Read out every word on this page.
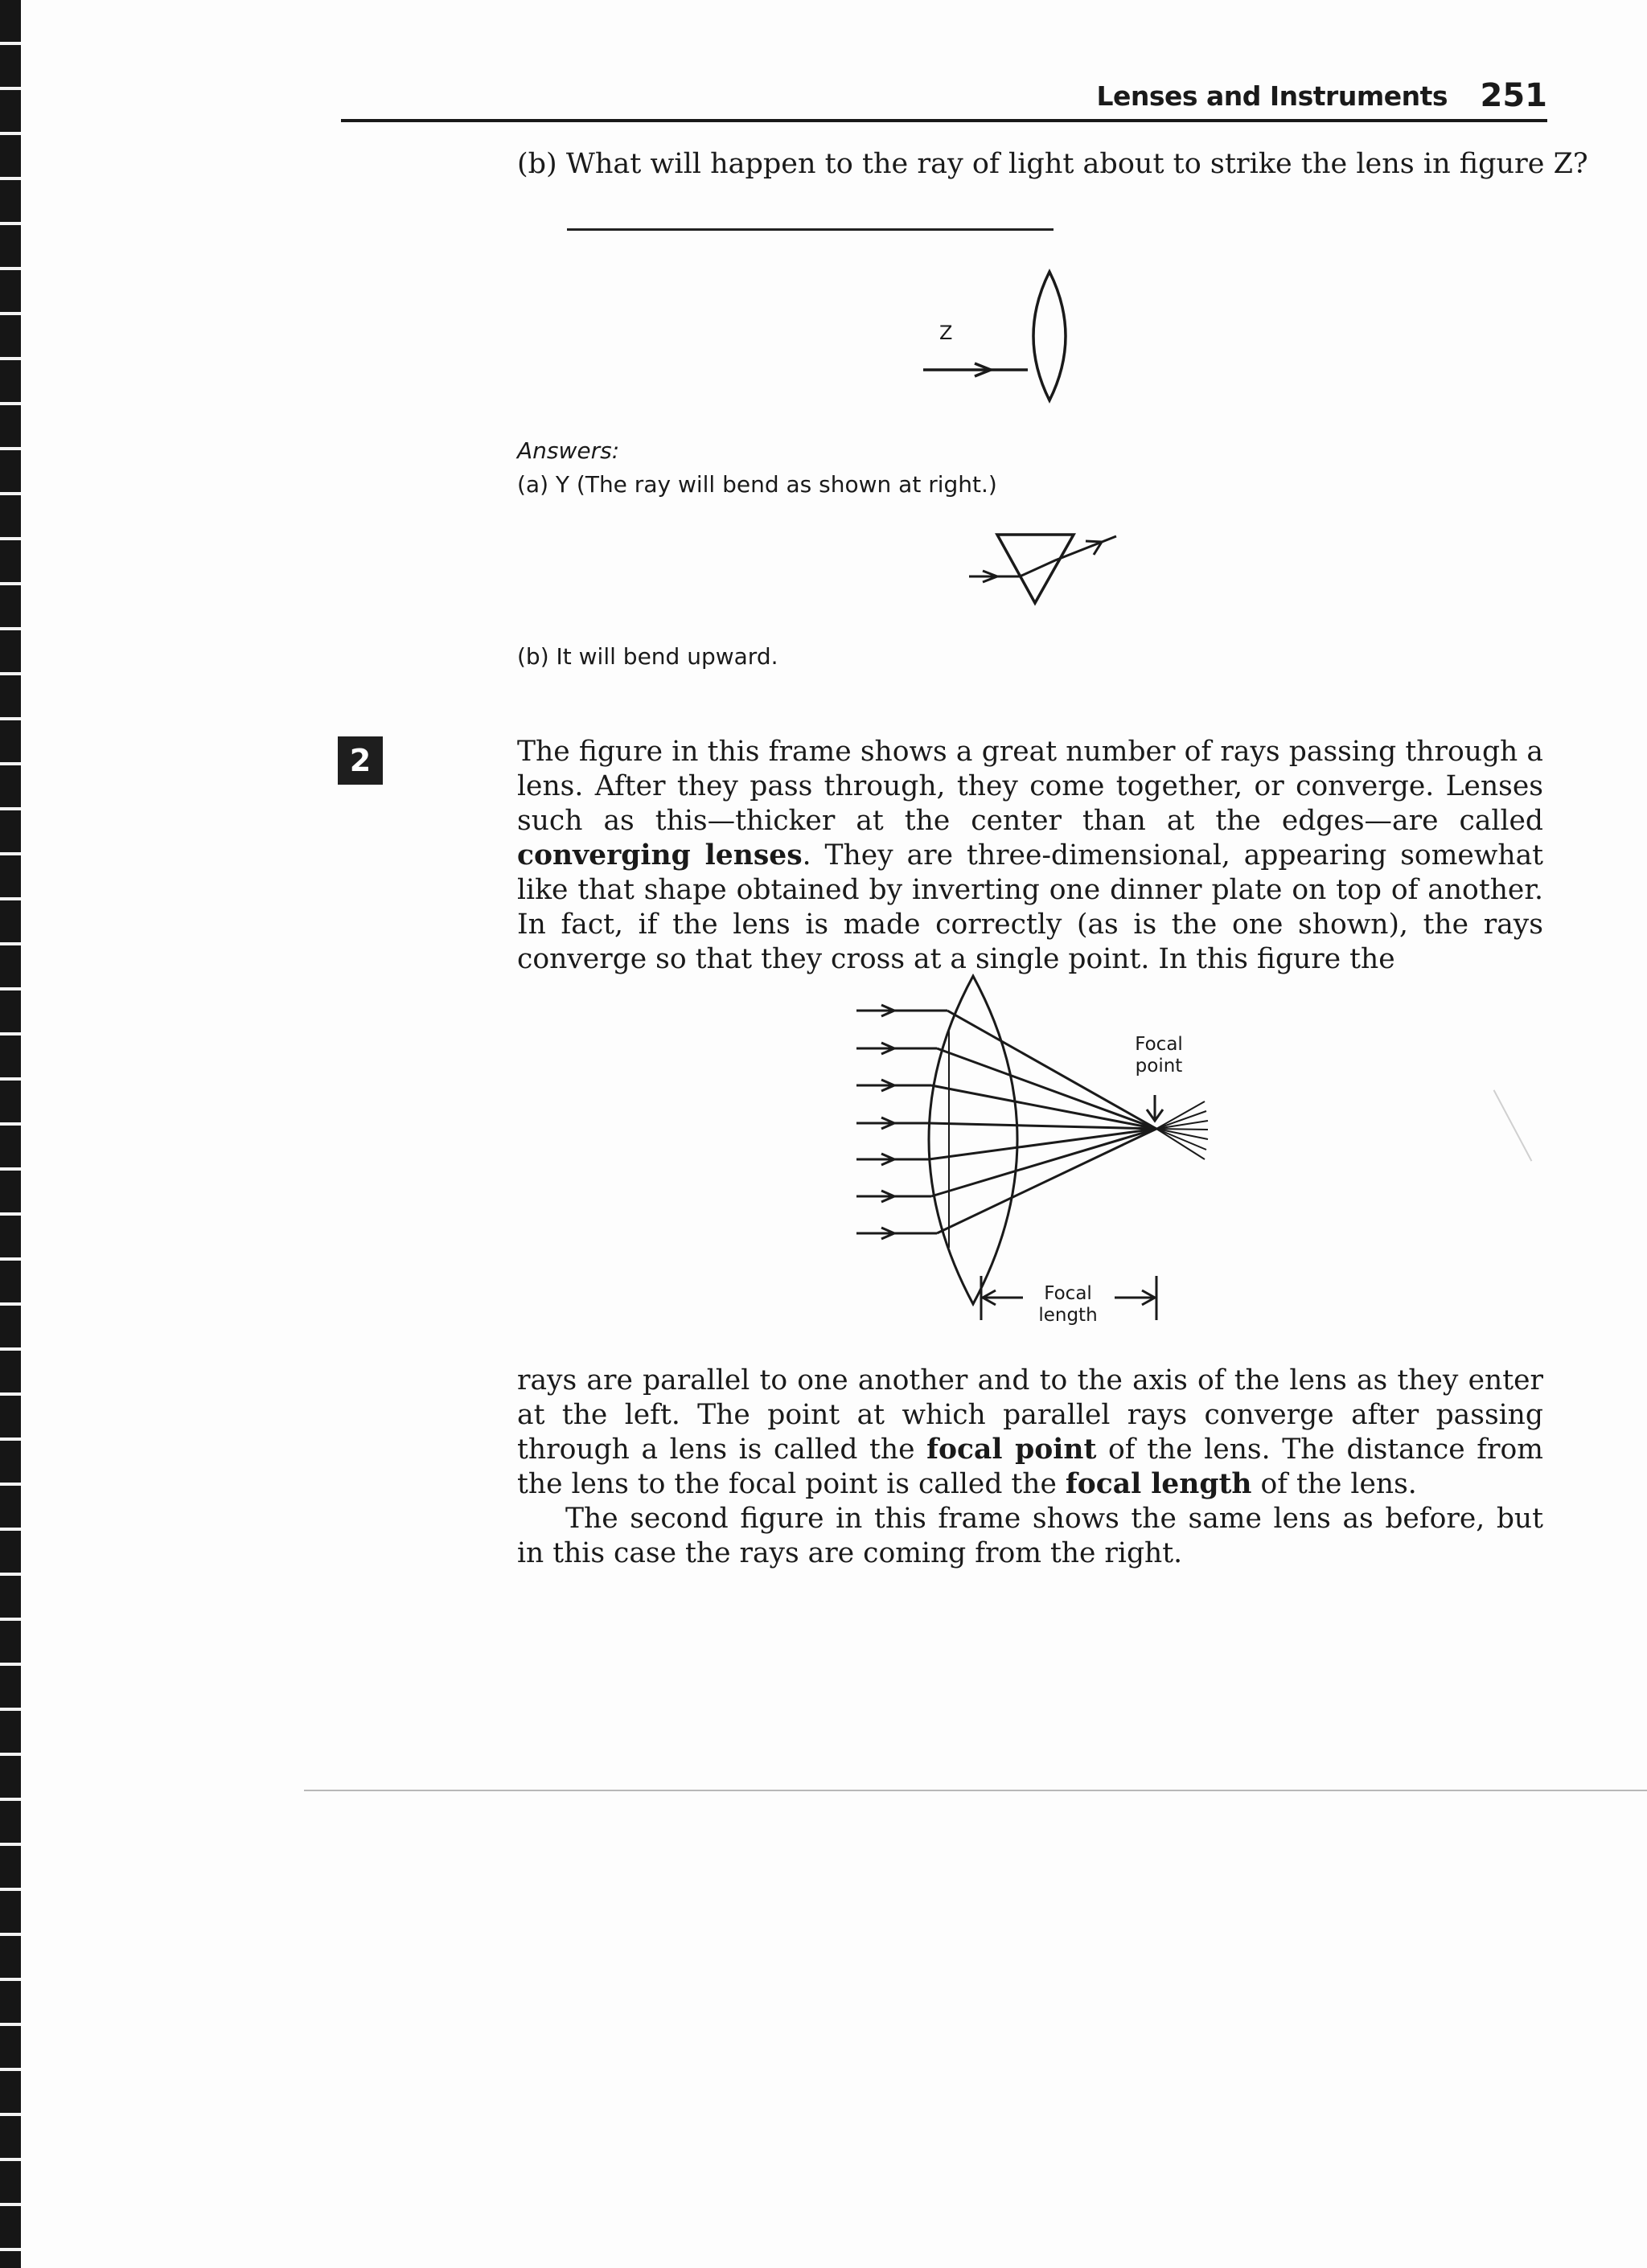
Lenses and Instruments 251
(b) What will happen to the ray of light about to strike the lens in figure Z?
Z
Answers:
(a) Y (The ray will bend as shown at right.)
(b) It will bend upward.
2	The figure in this frame shows a great number of rays passing through a lens. After they pass through, they come together, or converge. Lenses such as this—thicker at the center than at the edges—are called converging lenses. They are three-dimensional, appearing somewhat like that shape obtained by inverting one dinner plate on top of another. In fact, if the lens is made correctly (as is the one shown), the rays converge so that they cross at a single point. In this figure the

Focal
point
Focal
length

rays are parallel to one another and to the axis of the lens as they enter at the left. The point at which parallel rays converge after passing through a lens is called the focal point of the lens. The distance from the lens to the focal point is called the focal length of the lens.

The second figure in this frame shows the same lens as before, but in this case the rays are coming from the right.
